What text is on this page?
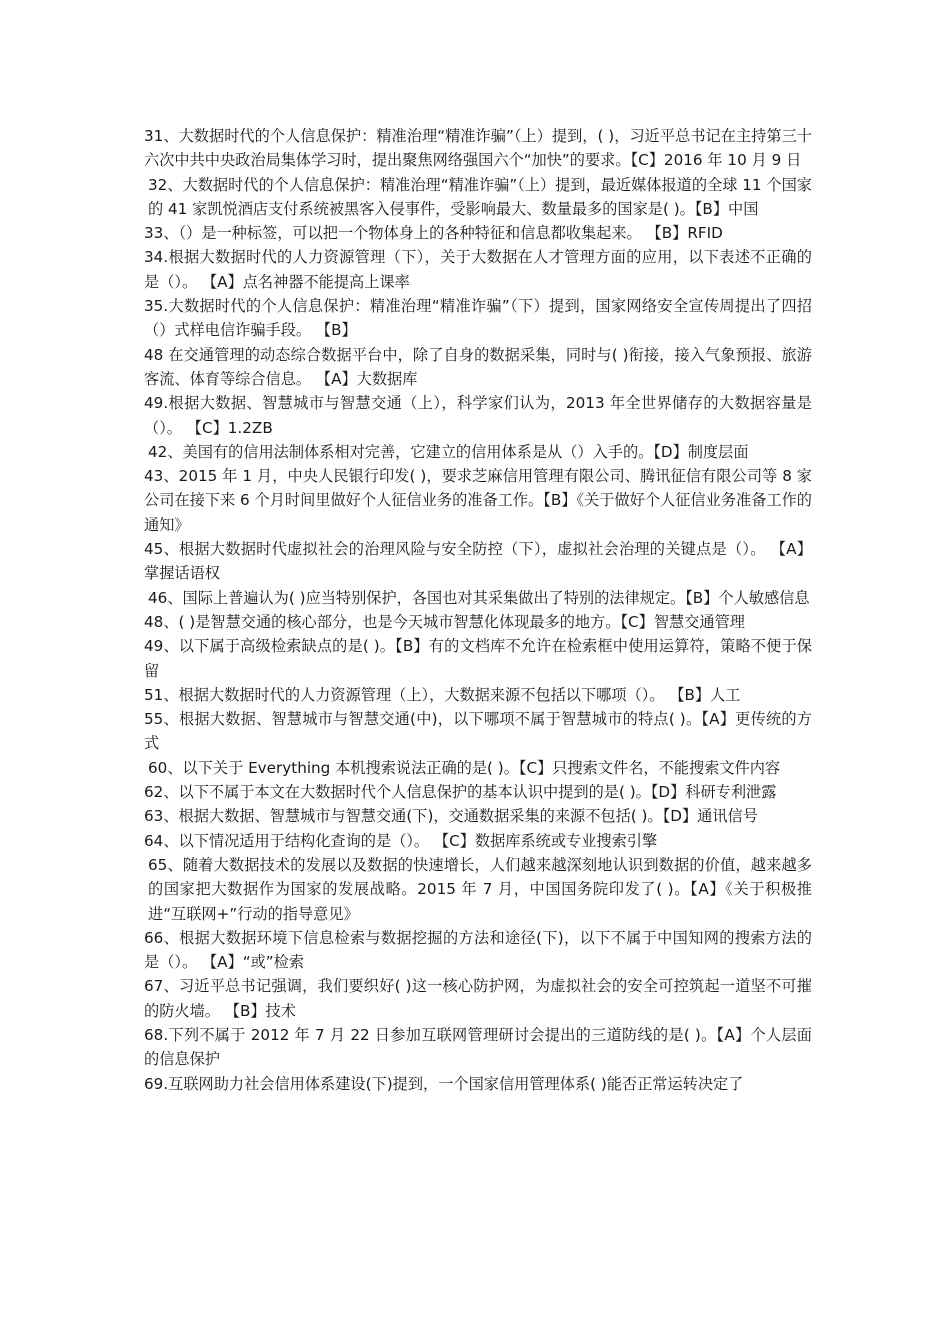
31、大数据时代的个人信息保护：精准治理“精准诈骗”（上）提到，( )，习近平总书记在主持第三十六次中共中央政治局集体学习时，提出聚焦网络强国六个“加快”的要求。【C】2016 年 10 月 9 日

32、大数据时代的个人信息保护：精准治理“精准诈骗”（上）提到，最近媒体报道的全球 11 个国家的 41 家凯悦酒店支付系统被黑客入侵事件，受影响最大、数量最多的国家是( )。【B】中国

33、（）是一种标签，可以把一个物体身上的各种特征和信息都收集起来。 【B】RFID

34.根据大数据时代的人力资源管理（下），关于大数据在人才管理方面的应用，以下表述不正确的是（）。 【A】点名神器不能提高上课率

35.大数据时代的个人信息保护：精准治理“精准诈骗”（下）提到，国家网络安全宣传周提出了四招（）式样电信诈骗手段。 【B】

48 在交通管理的动态综合数据平台中，除了自身的数据采集，同时与( )衔接，接入气象预报、旅游客流、体育等综合信息。 【A】大数据库

49.根据大数据、智慧城市与智慧交通（上），科学家们认为，2013 年全世界储存的大数据容量是（）。 【C】1.2ZB

42、美国有的信用法制体系相对完善，它建立的信用体系是从（）入手的。【D】制度层面

43、2015 年 1 月，中央人民银行印发( )，要求芝麻信用管理有限公司、腾讯征信有限公司等 8 家公司在接下来 6 个月时间里做好个人征信业务的准备工作。【B】《关于做好个人征信业务准备工作的通知》

45、根据大数据时代虚拟社会的治理风险与安全防控（下），虚拟社会治理的关键点是（）。 【A】掌握话语权

46、国际上普遍认为( )应当特别保护，各国也对其采集做出了特别的法律规定。【B】个人敏感信息

48、( )是智慧交通的核心部分，也是今天城市智慧化体现最多的地方。【C】智慧交通管理

49、以下属于高级检索缺点的是( )。【B】有的文档库不允许在检索框中使用运算符，策略不便于保留

51、根据大数据时代的人力资源管理（上），大数据来源不包括以下哪项（）。 【B】人工

55、根据大数据、智慧城市与智慧交通(中)，以下哪项不属于智慧城市的特点( )。【A】更传统的方式

60、以下关于 Everything 本机搜索说法正确的是( )。【C】只搜索文件名，不能搜索文件内容

62、以下不属于本文在大数据时代个人信息保护的基本认识中提到的是( )。【D】科研专利泄露

63、根据大数据、智慧城市与智慧交通(下)，交通数据采集的来源不包括( )。【D】通讯信号

64、以下情况适用于结构化查询的是（）。 【C】数据库系统或专业搜索引擎

65、随着大数据技术的发展以及数据的快速增长，人们越来越深刻地认识到数据的价值，越来越多的国家把大数据作为国家的发展战略。2015 年 7 月，中国国务院印发了( )。【A】《关于积极推进“互联网+”行动的指导意见》

66、根据大数据环境下信息检索与数据挖掘的方法和途径(下)，以下不属于中国知网的搜索方法的是（）。 【A】“或”检索

67、习近平总书记强调，我们要织好( )这一核心防护网，为虚拟社会的安全可控筑起一道坚不可摧的防火墙。 【B】技术

68.下列不属于 2012 年 7 月 22 日参加互联网管理研讨会提出的三道防线的是( )。【A】个人层面的信息保护

69.互联网助力社会信用体系建设(下)提到，一个国家信用管理体系( )能否正常运转决定了
